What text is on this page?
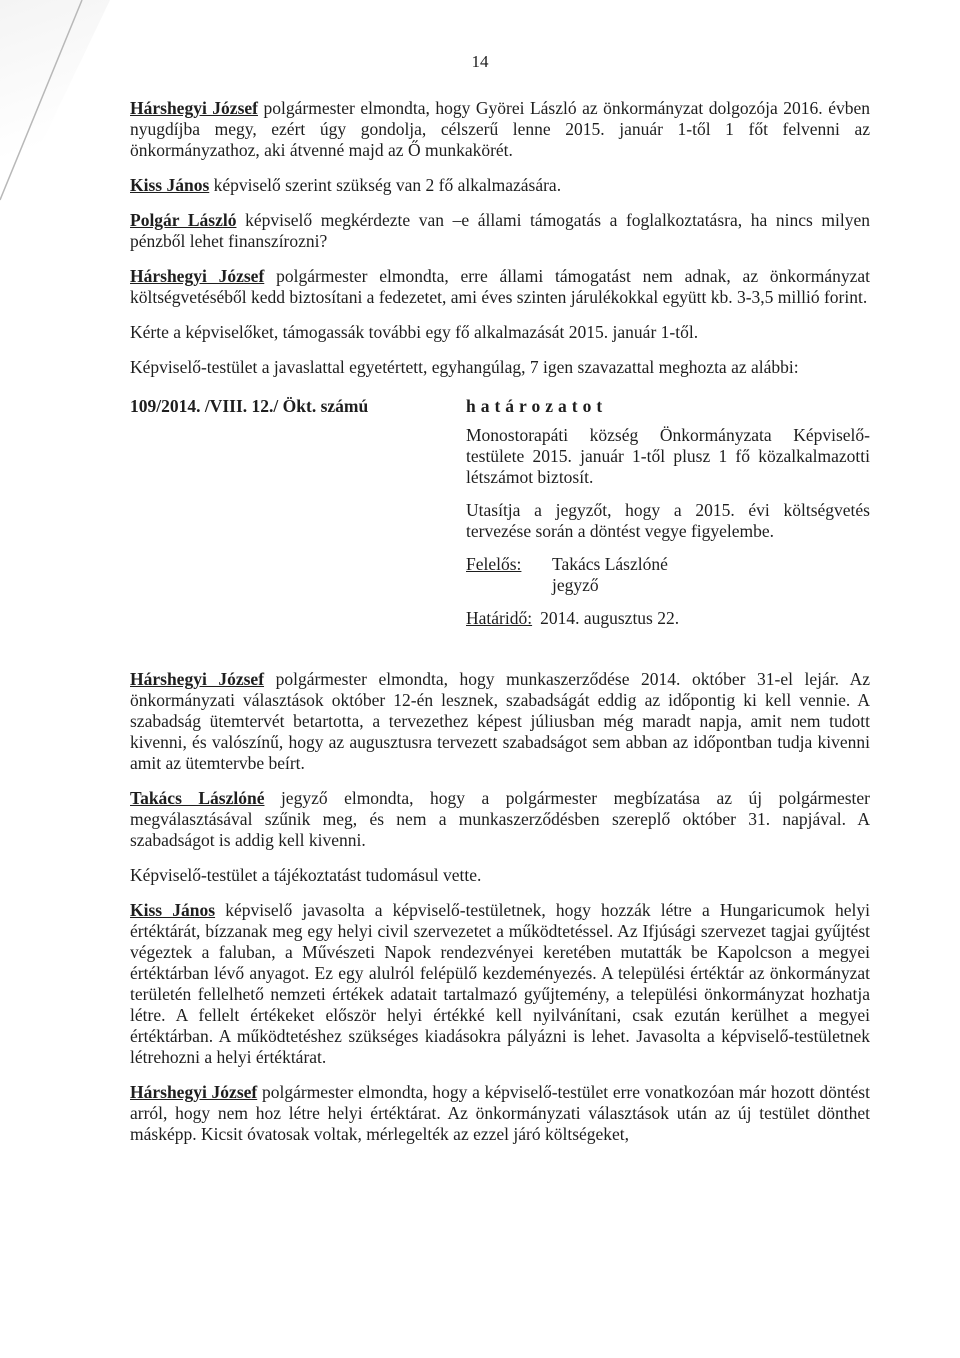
14

Hárshegyi József polgármester elmondta, hogy Györei László az önkormányzat dolgozója 2016. évben nyugdíjba megy, ezért úgy gondolja, célszerű lenne 2015. január 1-től 1 főt felvenni az önkormányzathoz, aki átvenné majd az Ő munkakörét.

Kiss János képviselő szerint szükség van 2 fő alkalmazására.

Polgár László képviselő megkérdezte van –e állami támogatás a foglalkoztatásra, ha nincs milyen pénzből lehet finanszírozni?

Hárshegyi József polgármester elmondta, erre állami támogatást nem adnak, az önkormányzat költségvetéséből kedd biztosítani a fedezetet, ami éves szinten járulékokkal együtt kb. 3-3,5 millió forint.

Kérte a képviselőket, támogassák további egy fő alkalmazását 2015. január 1-től.

Képviselő-testület a javaslattal egyetértett, egyhangúlag, 7 igen szavazattal meghozta az alábbi:

109/2014. /VIII. 12./ Ökt. számú	határozatot

Monostorapáti község Önkormányzata Képviselő-testülete 2015. január 1-től plusz 1 fő közalkalmazotti létszámot biztosít.

Utasítja a jegyzőt, hogy a 2015. évi költségvetés tervezése során a döntést vegye figyelembe.

Felelős:	Takács Lászlóné
jegyző
Határidő: 2014. augusztus 22.

Hárshegyi József polgármester elmondta, hogy munkaszerződése 2014. október 31-el lejár. Az önkormányzati választások október 12-én lesznek, szabadságát eddig az időpontig ki kell vennie. A szabadság ütemtervét betartotta, a tervezethez képest júliusban még maradt napja, amit nem tudott kivenni, és valószínű, hogy az augusztusra tervezett szabadságot sem abban az időpontban tudja kivenni amit az ütemtervbe beírt.

Takács Lászlóné jegyző elmondta, hogy a polgármester megbízatása az új polgármester megválasztásával szűnik meg, és nem a munkaszerződésben szereplő október 31. napjával. A szabadságot is addig kell kivenni.

Képviselő-testület a tájékoztatást tudomásul vette.

Kiss János képviselő javasolta a képviselő-testületnek, hogy hozzák létre a Hungaricumok helyi értéktárát, bízzanak meg egy helyi civil szervezetet a működtetéssel. Az Ifjúsági szervezet tagjai gyűjtést végeztek a faluban, a Művészeti Napok rendezvényei keretében mutatták be Kapolcson a megyei értéktárban lévő anyagot. Ez egy alulról felépülő kezdeményezés. A települési értéktár az önkormányzat területén fellelhető nemzeti értékek adatait tartalmazó gyűjtemény, a települési önkormányzat hozhatja létre. A fellelt értékeket először helyi értékké kell nyilvánítani, csak ezután kerülhet a megyei értéktárban. A működtetéshez szükséges kiadásokra pályázni is lehet. Javasolta a képviselő-testületnek létrehozni a helyi értéktárat.

Hárshegyi József polgármester elmondta, hogy a képviselő-testület erre vonatkozóan már hozott döntést arról, hogy nem hoz létre helyi értéktárat. Az önkormányzati választások után az új testület dönthet másképp. Kicsit óvatosak voltak, mérlegelték az ezzel járó költségeket,
